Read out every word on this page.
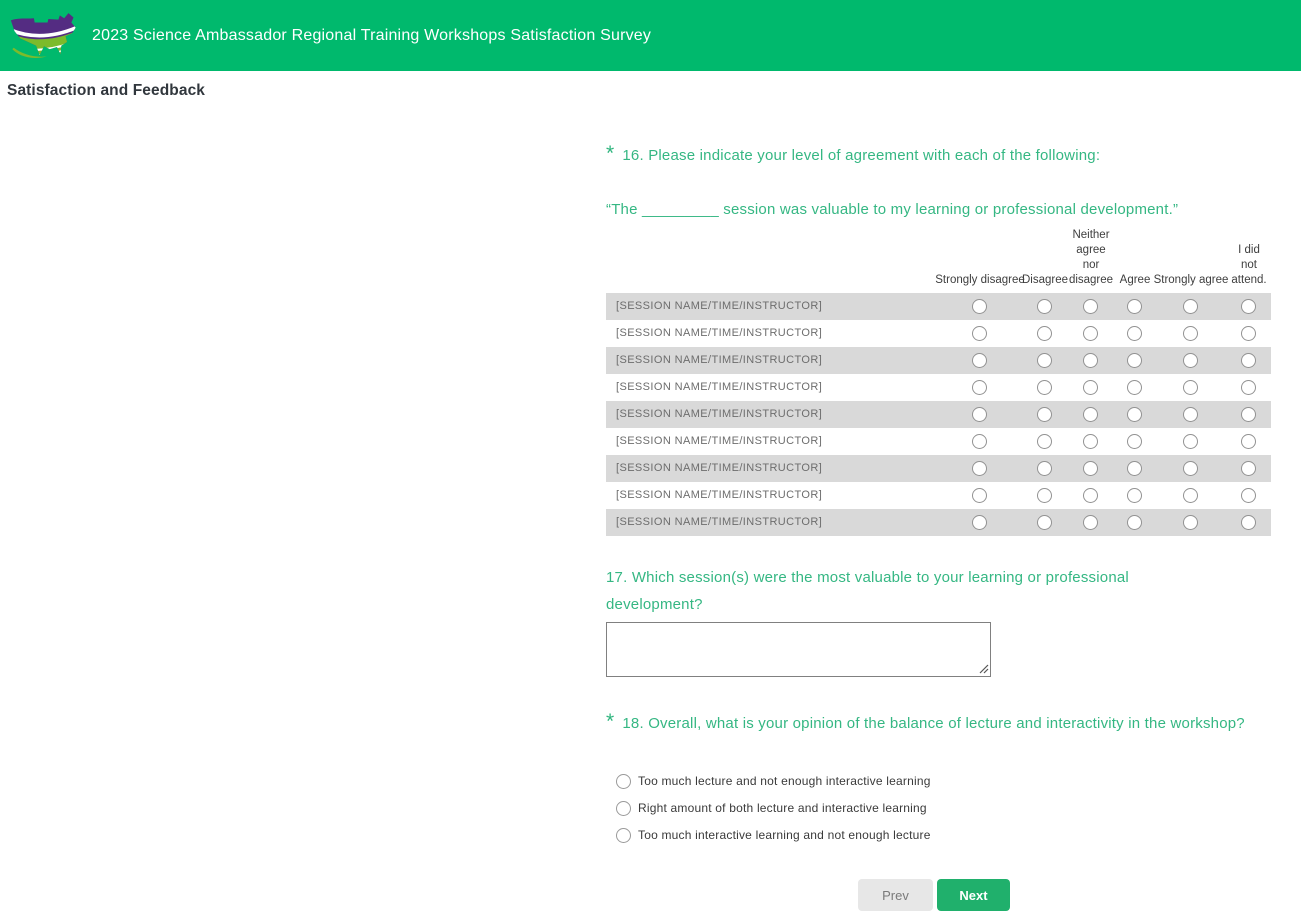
2023 Science Ambassador Regional Training Workshops Satisfaction Survey
Satisfaction and Feedback
* 16. Please indicate your level of agreement with each of the following:
“The _________ session was valuable to my learning or professional development.”
Strongly disagree
Disagree
Neither agree nor disagree Agree Strongly agree
I did not attend.
[SESSION NAME/TIME/INSTRUCTOR]
[SESSION NAME/TIME/INSTRUCTOR]
[SESSION NAME/TIME/INSTRUCTOR]
[SESSION NAME/TIME/INSTRUCTOR]
[SESSION NAME/TIME/INSTRUCTOR]
[SESSION NAME/TIME/INSTRUCTOR]
[SESSION NAME/TIME/INSTRUCTOR]
[SESSION NAME/TIME/INSTRUCTOR]
[SESSION NAME/TIME/INSTRUCTOR]
17. Which session(s) were the most valuable to your learning or professional development?
* 18. Overall, what is your opinion of the balance of lecture and interactivity in the workshop?
Too much lecture and not enough interactive learning
Right amount of both lecture and interactive learning
Too much interactive learning and not enough lecture
Prev	Next
